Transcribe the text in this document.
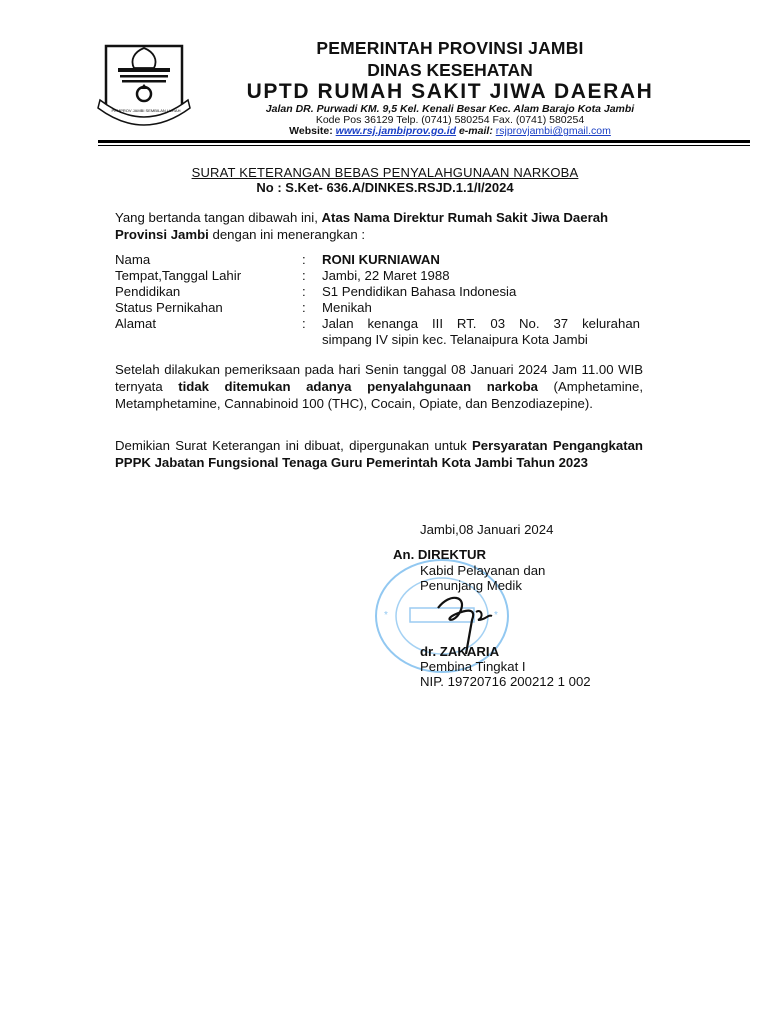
PEMPROV JAMBI SEMBILAN LURAH
PEMERINTAH PROVINSI JAMBI
DINAS KESEHATAN
UPTD RUMAH SAKIT JIWA DAERAH
Jalan DR. Purwadi KM. 9,5 Kel. Kenali Besar Kec. Alam Barajo Kota Jambi
Kode Pos 36129 Telp. (0741) 580254 Fax. (0741) 580254
Website: www.rsj.jambiprov.go.id e-mail: rsjprovjambi@gmail.com
SURAT KETERANGAN BEBAS PENYALAHGUNAAN NARKOBA
No : S.Ket- 636.A/DINKES.RSJD.1.1/I/2024
Yang bertanda tangan dibawah ini, Atas Nama Direktur Rumah Sakit Jiwa Daerah
Provinsi Jambi dengan ini menerangkan :
Nama	: RONI KURNIAWAN
Tempat,Tanggal Lahir	: Jambi, 22 Maret 1988
Pendidikan	: S1 Pendidikan Bahasa Indonesia
Status Pernikahan	: Menikah
Alamat	: Jalan kenanga III RT. 03 No. 37 kelurahan
simpang IV sipin kec. Telanaipura Kota Jambi
Setelah dilakukan pemeriksaan pada hari Senin tanggal 08 Januari 2024 Jam 11.00 WIB ternyata tidak ditemukan adanya penyalahgunaan narkoba (Amphetamine, Metamphetamine, Cannabinoid 100 (THC), Cocain, Opiate, dan Benzodiazepine).
Demikian Surat Keterangan ini dibuat, dipergunakan untuk Persyaratan Pengangkatan PPPK Jabatan Fungsional Tenaga Guru Pemerintah Kota Jambi Tahun 2023
*	*
Jambi,08 Januari 2024
An. DIREKTUR
Kabid Pelayanan dan
Penunjang Medik
dr. ZAKARIA
Pembina Tingkat I
NIP. 19720716 200212 1 002
